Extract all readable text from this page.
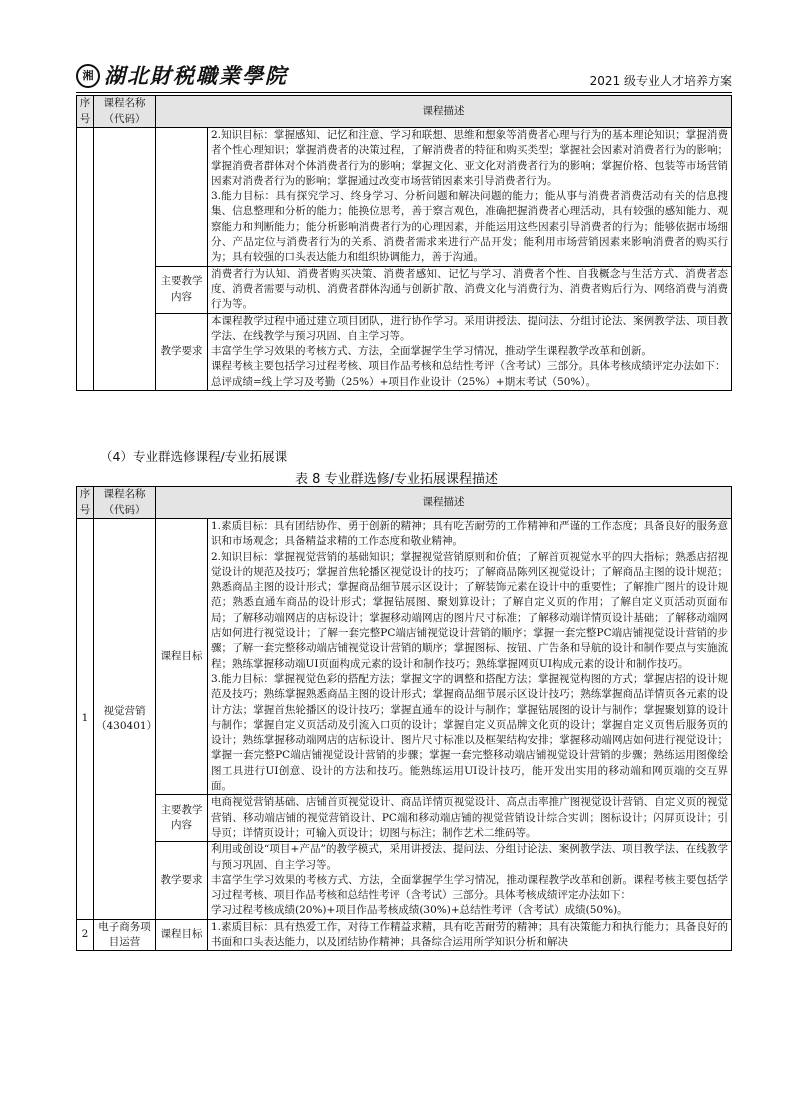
湘 湖北財税職業學院	2021 级专业人才培养方案
序号	课程名称（代码）	课程描述	

			2.知识目标：掌握感知、记忆和注意、学习和联想、思维和想象等消费者心理与行为的基本理论知识；掌握消费者个性心理知识；掌握消费者的决策过程，了解消费者的特征和购买类型；掌握社会因素对消费者行为的影响；掌握消费者群体对个体消费者行为的影响；掌握文化、亚文化对消费者行为的影响；掌握价格、包装等市场营销因素对消费者行为的影响；掌握通过改变市场营销因素来引导消费者行为。

3.能力目标：具有探究学习、终身学习、分析问题和解决问题的能力；能从事与消费者消费活动有关的信息搜集、信息整理和分析的能力；能换位思考，善于察言观色，准确把握消费者心理活动，具有较强的感知能力、观察能力和判断能力；能分析影响消费者行为的心理因素，并能运用这些因素引导消费者的行为；能够依据市场细分、产品定位与消费者行为的关系、消费者需求来进行产品开发；能利用市场营销因素来影响消费者的购买行为；具有较强的口头表达能力和组织协调能力，善于沟通。

		主要教学内容	消费者行为认知、消费者购买决策、消费者感知、记忆与学习、消费者个性、自我概念与生活方式、消费者态度、消费者需要与动机、消费者群体沟通与创新扩散、消费文化与消费行为、消费者购后行为、网络消费与消费行为等。

		教学要求	本课程教学过程中通过建立项目团队，进行协作学习。采用讲授法、提问法、分组讨论法、案例教学法、项目教学法、在线教学与预习巩固、自主学习等。

丰富学生学习效果的考核方式、方法，全面掌握学生学习情况，推动学生课程教学改革和创新。

课程考核主要包括学习过程考核、项目作品考核和总结性考评（含考试）三部分。具体考核成绩评定办法如下：

总评成绩=线上学习及考勤（25%）+项目作业设计（25%）+期末考试（50%）。

（4）专业群选修课程/专业拓展课
表 8 专业群选修/专业拓展课程描述
序号	课程名称（代码）	课程描述	
1	视觉营销（430401）	课程目标	1.素质目标：具有团结协作、勇于创新的精神；具有吃苦耐劳的工作精神和严谨的工作态度；具备良好的服务意识和市场观念；具备精益求精的工作态度和敬业精神。

2.知识目标：掌握视觉营销的基础知识；掌握视觉营销原则和价值；了解首页视觉水平的四大指标；熟悉店招视觉设计的规范及技巧；掌握首焦轮播区视觉设计的技巧；了解商品陈列区视觉设计；了解商品主图的设计规范；熟悉商品主图的设计形式；掌握商品细节展示区设计；了解装饰元素在设计中的重要性；了解推广图片的设计规范；熟悉直通车商品的设计形式；掌握钻展图、聚划算设计；了解自定义页的作用；了解自定义页活动页面布局；了解移动端网店的店标设计；掌握移动端网店的图片尺寸标准；了解移动端详情页设计基础；了解移动端网店如何进行视觉设计；了解一套完整PC端店铺视觉设计营销的顺序；掌握一套完整PC端店铺视觉设计营销的步骤；了解一套完整移动端店铺视觉设计营销的顺序；掌握图标、按钮、广告条和导航的设计和制作要点与实施流程；熟练掌握移动端UI页面构成元素的设计和制作技巧；熟练掌握网页UI构成元素的设计和制作技巧。

3.能力目标：掌握视觉色彩的搭配方法；掌握文字的调整和搭配方法；掌握视觉构图的方式；掌握店招的设计规范及技巧；熟练掌握熟悉商品主图的设计形式；掌握商品细节展示区设计技巧；熟练掌握商品详情页各元素的设计方法；掌握首焦轮播区的设计技巧；掌握直通车的设计与制作；掌握钻展图的设计与制作；掌握聚划算的设计与制作；掌握自定义页活动及引流入口页的设计；掌握自定义页品牌文化页的设计；掌握自定义页售后服务页的设计；熟练掌握移动端网店的店标设计、图片尺寸标准以及框架结构安排；掌握移动端网店如何进行视觉设计；掌握一套完整PC端店铺视觉设计营销的步骤；掌握一套完整移动端店铺视觉设计营销的步骤；熟练运用图像绘图工具进行UI创意、设计的方法和技巧。能熟练运用UI设计技巧，能开发出实用的移动端和网页端的交互界面。

		主要教学内容	电商视觉营销基础、店铺首页视觉设计、商品详情页视觉设计、高点击率推广图视觉设计营销、自定义页的视觉营销、移动端店铺的视觉营销设计、PC端和移动端店铺的视觉营销设计综合实训；图标设计；闪屏页设计；引导页；详情页设计；可输入页设计；切图与标注；制作艺术二维码等。

		教学要求	利用或创设“项目+产品”的教学模式，采用讲授法、提问法、分组讨论法、案例教学法、项目教学法、在线教学与预习巩固、自主学习等。

丰富学生学习效果的考核方式、方法，全面掌握学生学习情况，推动课程教学改革和创新。课程考核主要包括学习过程考核、项目作品考核和总结性考评（含考试）三部分。具体考核成绩评定办法如下：

学习过程考核成绩(20%)+项目作品考核成绩(30%)+总结性考评（含考试）成绩(50%)。

2	电子商务项目运营	课程目标	1.素质目标：具有热爱工作，对待工作精益求精，具有吃苦耐劳的精神；具有决策能力和执行能力；具备良好的书面和口头表达能力，以及团结协作精神；具备综合运用所学知识分析和解决
